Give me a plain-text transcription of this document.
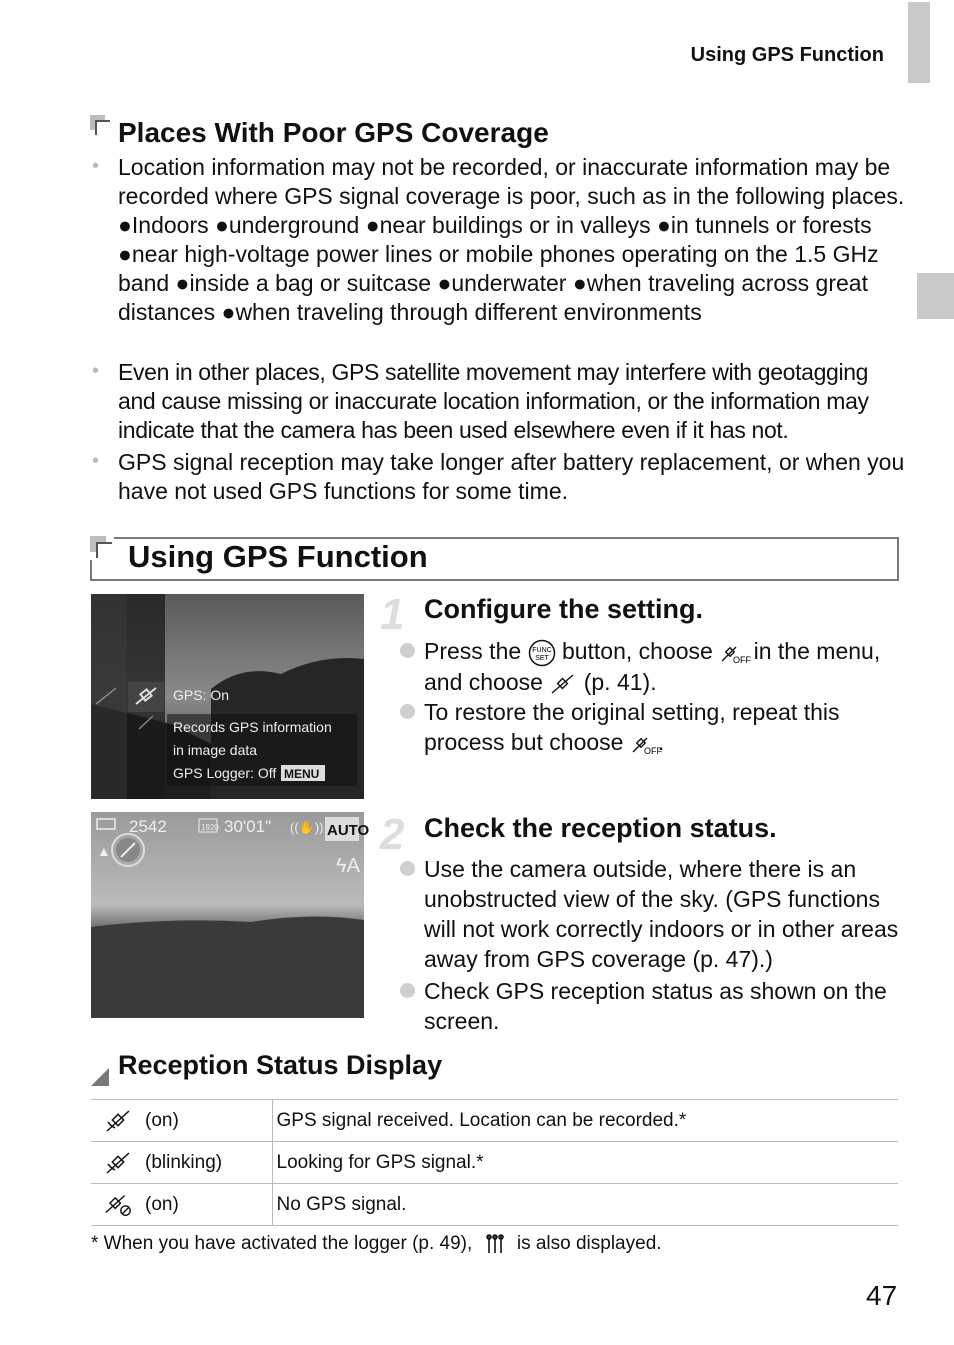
Using GPS Function
Places With Poor GPS Coverage
• Location information may not be recorded, or inaccurate information may be recorded where GPS signal coverage is poor, such as in the following places.
●Indoors ●underground ●near buildings or in valleys ●in tunnels or forests ●near high-voltage power lines or mobile phones operating on the 1.5 GHz band ●inside a bag or suitcase ●underwater ●when traveling across great distances ●when traveling through different environments
• Even in other places, GPS satellite movement may interfere with geotagging and cause missing or inaccurate location information, or the information may indicate that the camera has been used elsewhere even if it has not.
• GPS signal reception may take longer after battery replacement, or when you have not used GPS functions for some time.
Using GPS Function
GPS: On
Records GPS information
in image data
GPS Logger: Off MENU
2542	1920 30'01" ((✋)) AUTO
ϟA
▲
1 Configure the setting.
Press the FUNC
SET button, choose OFF in the menu, and choose (p. 41).
To restore the original setting, repeat this process but choose OFF
.
2 Check the reception status.
Use the camera outside, where there is an unobstructed view of the sky. (GPS functions will not work correctly indoors or in other areas away from GPS coverage (p. 47).)
Check GPS reception status as shown on the screen.
Reception Status Display
(on)	GPS signal received. Location can be recorded.*
(blinking)	Looking for GPS signal.*
(on)	No GPS signal.
* When you have activated the logger (p. 49), is also displayed.
47
